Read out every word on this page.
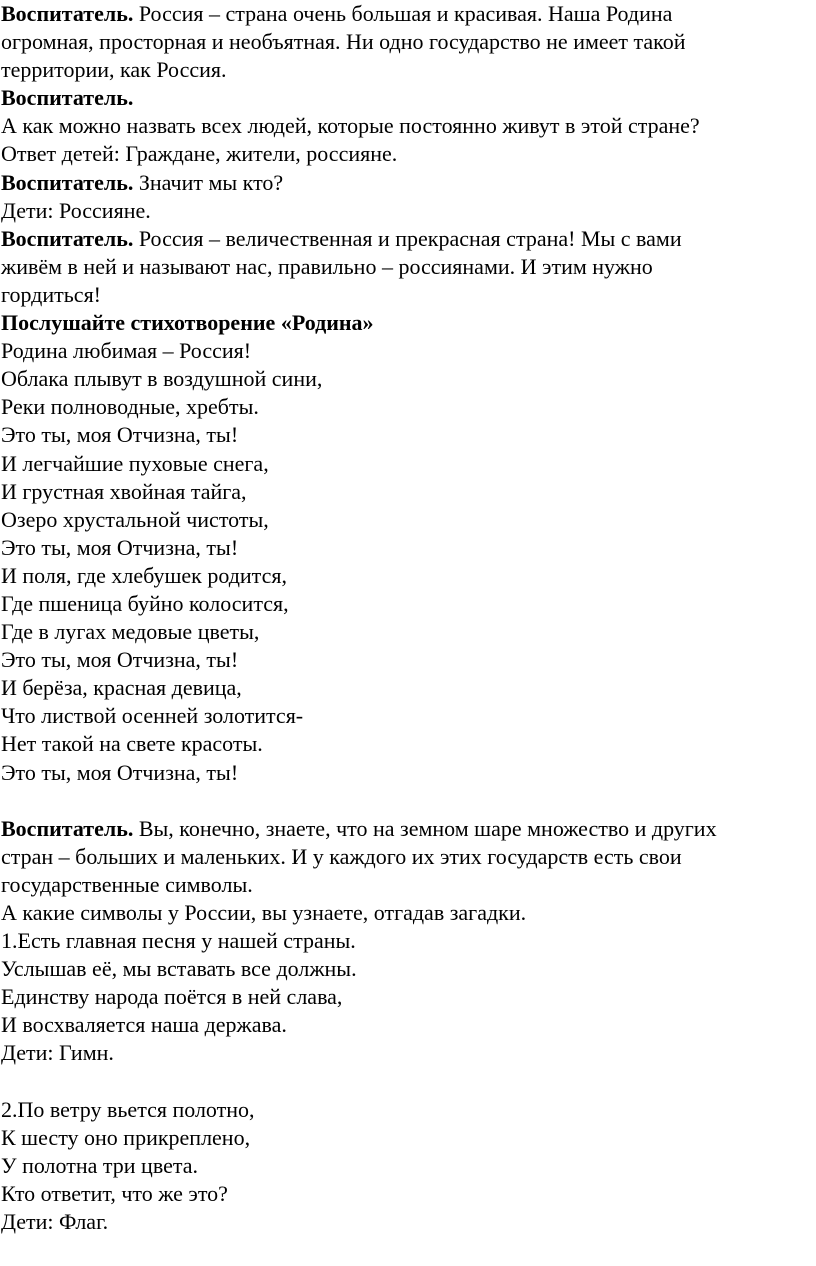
Воспитатель. Россия – страна очень большая и красивая. Наша Родина

огромная, просторная и необъятная. Ни одно государство не имеет такой

территории, как Россия.

Воспитатель.

А как можно назвать всех людей, которые постоянно живут в этой стране?

Ответ детей: Граждане, жители, россияне.

Воспитатель. Значит мы кто?

Дети: Россияне.

Воспитатель. Россия – величественная и прекрасная страна! Мы с вами

живём в ней и называют нас, правильно – россиянами. И этим нужно

гордиться!

Послушайте стихотворение «Родина»

Родина любимая – Россия!

Облака плывут в воздушной сини,

Реки полноводные, хребты.

Это ты, моя Отчизна, ты!

И легчайшие пуховые снега,

И грустная хвойная тайга,

Озеро хрустальной чистоты,

Это ты, моя Отчизна, ты!

И поля, где хлебушек родится,

Где пшеница буйно колосится,

Где в лугах медовые цветы,

Это ты, моя Отчизна, ты!

И берёза, красная девица,

Что листвой осенней золотится-

Нет такой на свете красоты.

Это ты, моя Отчизна, ты!

Воспитатель. Вы, конечно, знаете, что на земном шаре множество и других

стран – больших и маленьких. И у каждого их этих государств есть свои

государственные символы.

А какие символы у России, вы узнаете, отгадав загадки.

1.Есть главная песня у нашей страны.

Услышав её, мы вставать все должны.

Единству народа поётся в ней слава,

И восхваляется наша держава.

Дети: Гимн.

2.По ветру вьется полотно,

К шесту оно прикреплено,

У полотна три цвета.

Кто ответит, что же это?

Дети: Флаг.
